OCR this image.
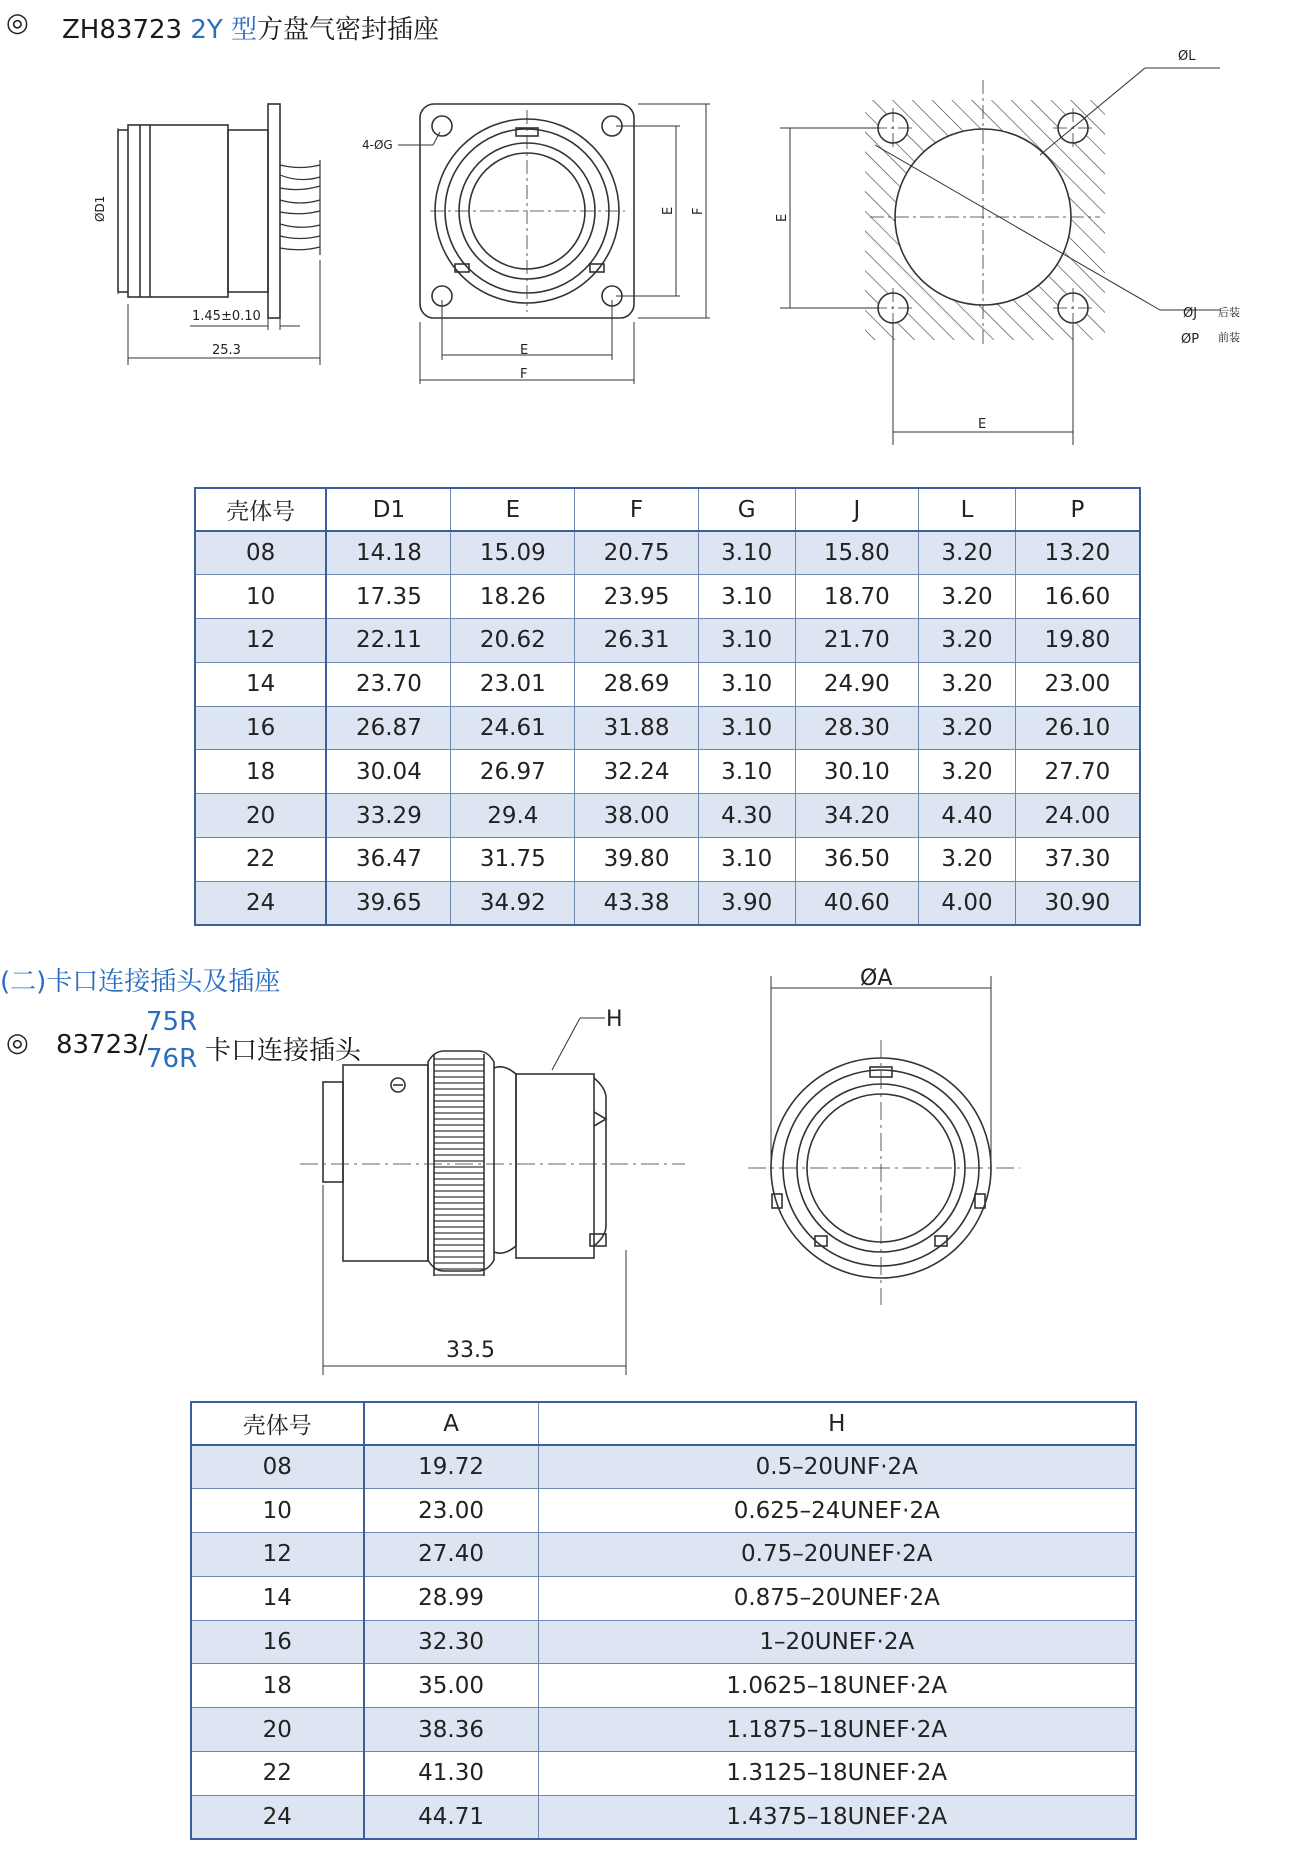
◎ ZH83723 2Y 型方盘气密封插座
ØD1
1.45±0.10
25.3
4-ØG
E
F
E F
ØL
ØJ 后装
ØP 前装
E
E
壳体号	D1	E	F	G	J	L	P
08	14.18	15.09	20.75	3.10	15.80	3.20	13.20
10	17.35	18.26	23.95	3.10	18.70	3.20	16.60
12	22.11	20.62	26.31	3.10	21.70	3.20	19.80
14	23.70	23.01	28.69	3.10	24.90	3.20	23.00
16	26.87	24.61	31.88	3.10	28.30	3.20	26.10
18	30.04	26.97	32.24	3.10	30.10	3.20	27.70
20	33.29	29.4	38.00	4.30	34.20	4.40	24.00
22	36.47	31.75	39.80	3.10	36.50	3.20	37.30
24	39.65	34.92	43.38	3.90	40.60	4.00	30.90
(二)卡口连接插头及插座
◎ 83723/
75R
76R 卡口连接插头
H
33.5
ØA
壳体号	A	H
08	19.72	0.5–20UNF·2A
10	23.00	0.625–24UNEF·2A
12	27.40	0.75–20UNEF·2A
14	28.99	0.875–20UNEF·2A
16	32.30	1–20UNEF·2A
18	35.00	1.0625–18UNEF·2A
20	38.36	1.1875–18UNEF·2A
22	41.30	1.3125–18UNEF·2A
24	44.71	1.4375–18UNEF·2A
